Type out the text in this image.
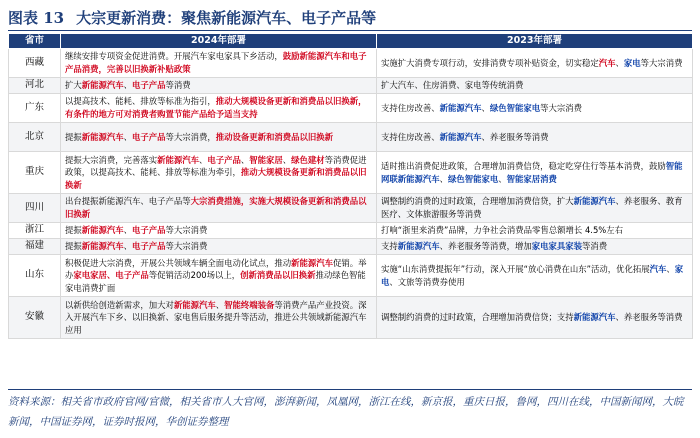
图表 13 大宗更新消费：聚焦新能源汽车、电子产品等
省市	2024年部署	2023年部署
西藏	继续安排专项资金促进消费。开展汽车家电家具下乡活动，鼓励新能源汽车和电子产品消费，完善以旧换新补贴政策	实施扩大消费专项行动，安排消费专项补贴资金，切实稳定汽车、家电等大宗消费
河北	扩大新能源汽车、电子产品等消费	扩大汽车、住房消费、家电等传统消费
广东	以提高技术、能耗、排放等标准为指引，推动大规模设备更新和消费品以旧换新，有条件的地方可对消费者购置节能产品给予适当支持	支持住房改善、新能源汽车、绿色智能家电等大宗消费
北京	提振新能源汽车、电子产品等大宗消费，推动设备更新和消费品以旧换新	支持住房改善、新能源汽车、养老服务等消费
重庆	提振大宗消费，完善落实新能源汽车、电子产品、智能家居、绿色建材等消费促进政策，以提高技术、能耗、排放等标准为牵引，推动大规模设备更新和消费品以旧换新	适时推出消费促进政策，合理增加消费信贷，稳定吃穿住行等基本消费，鼓励智能网联新能源汽车、绿色智能家电、智能家居消费
四川	出台提振新能源汽车、电子产品等大宗消费措施，实施大规模设备更新和消费品以旧换新	调整制约消费的过时政策，合理增加消费信贷，扩大新能源汽车、养老服务、教育医疗、文体旅游服务等消费
浙江	提振新能源汽车、电子产品等大宗消费	打响“浙里来消费”品牌，力争社会消费品零售总额增长 4.5%左右
福建	提振新能源汽车、电子产品等大宗消费	支持新能源汽车、养老服务等消费，增加家电家具家装等消费
山东	积极促进大宗消费，开展公共领域车辆全面电动化试点，推动新能源汽车促销。举办家电家居、电子产品等促销活动200场以上，创新消费品以旧换新推动绿色智能家电消费扩面	实施“山东消费提振年”行动，深入开展“放心消费在山东”活动，优化拓展汽车、家电、文旅等消费券使用
安徽	以新供给创造新需求，加大对新能源汽车、智能终端装备等消费产品产业投资。深入开展汽车下乡、以旧换新、家电售后服务提升等活动，推进公共领域新能源汽车应用	调整制约消费的过时政策，合理增加消费信贷；支持新能源汽车、养老服务等消费
资料来源：相关省市政府官网/官微，相关省市人大官网，澎湃新闻，凤凰网，浙江在线，新京报，重庆日报，鲁网，四川在线，中国新闻网，大皖新闻，中国证券网，证券时报网，华创证券整理
